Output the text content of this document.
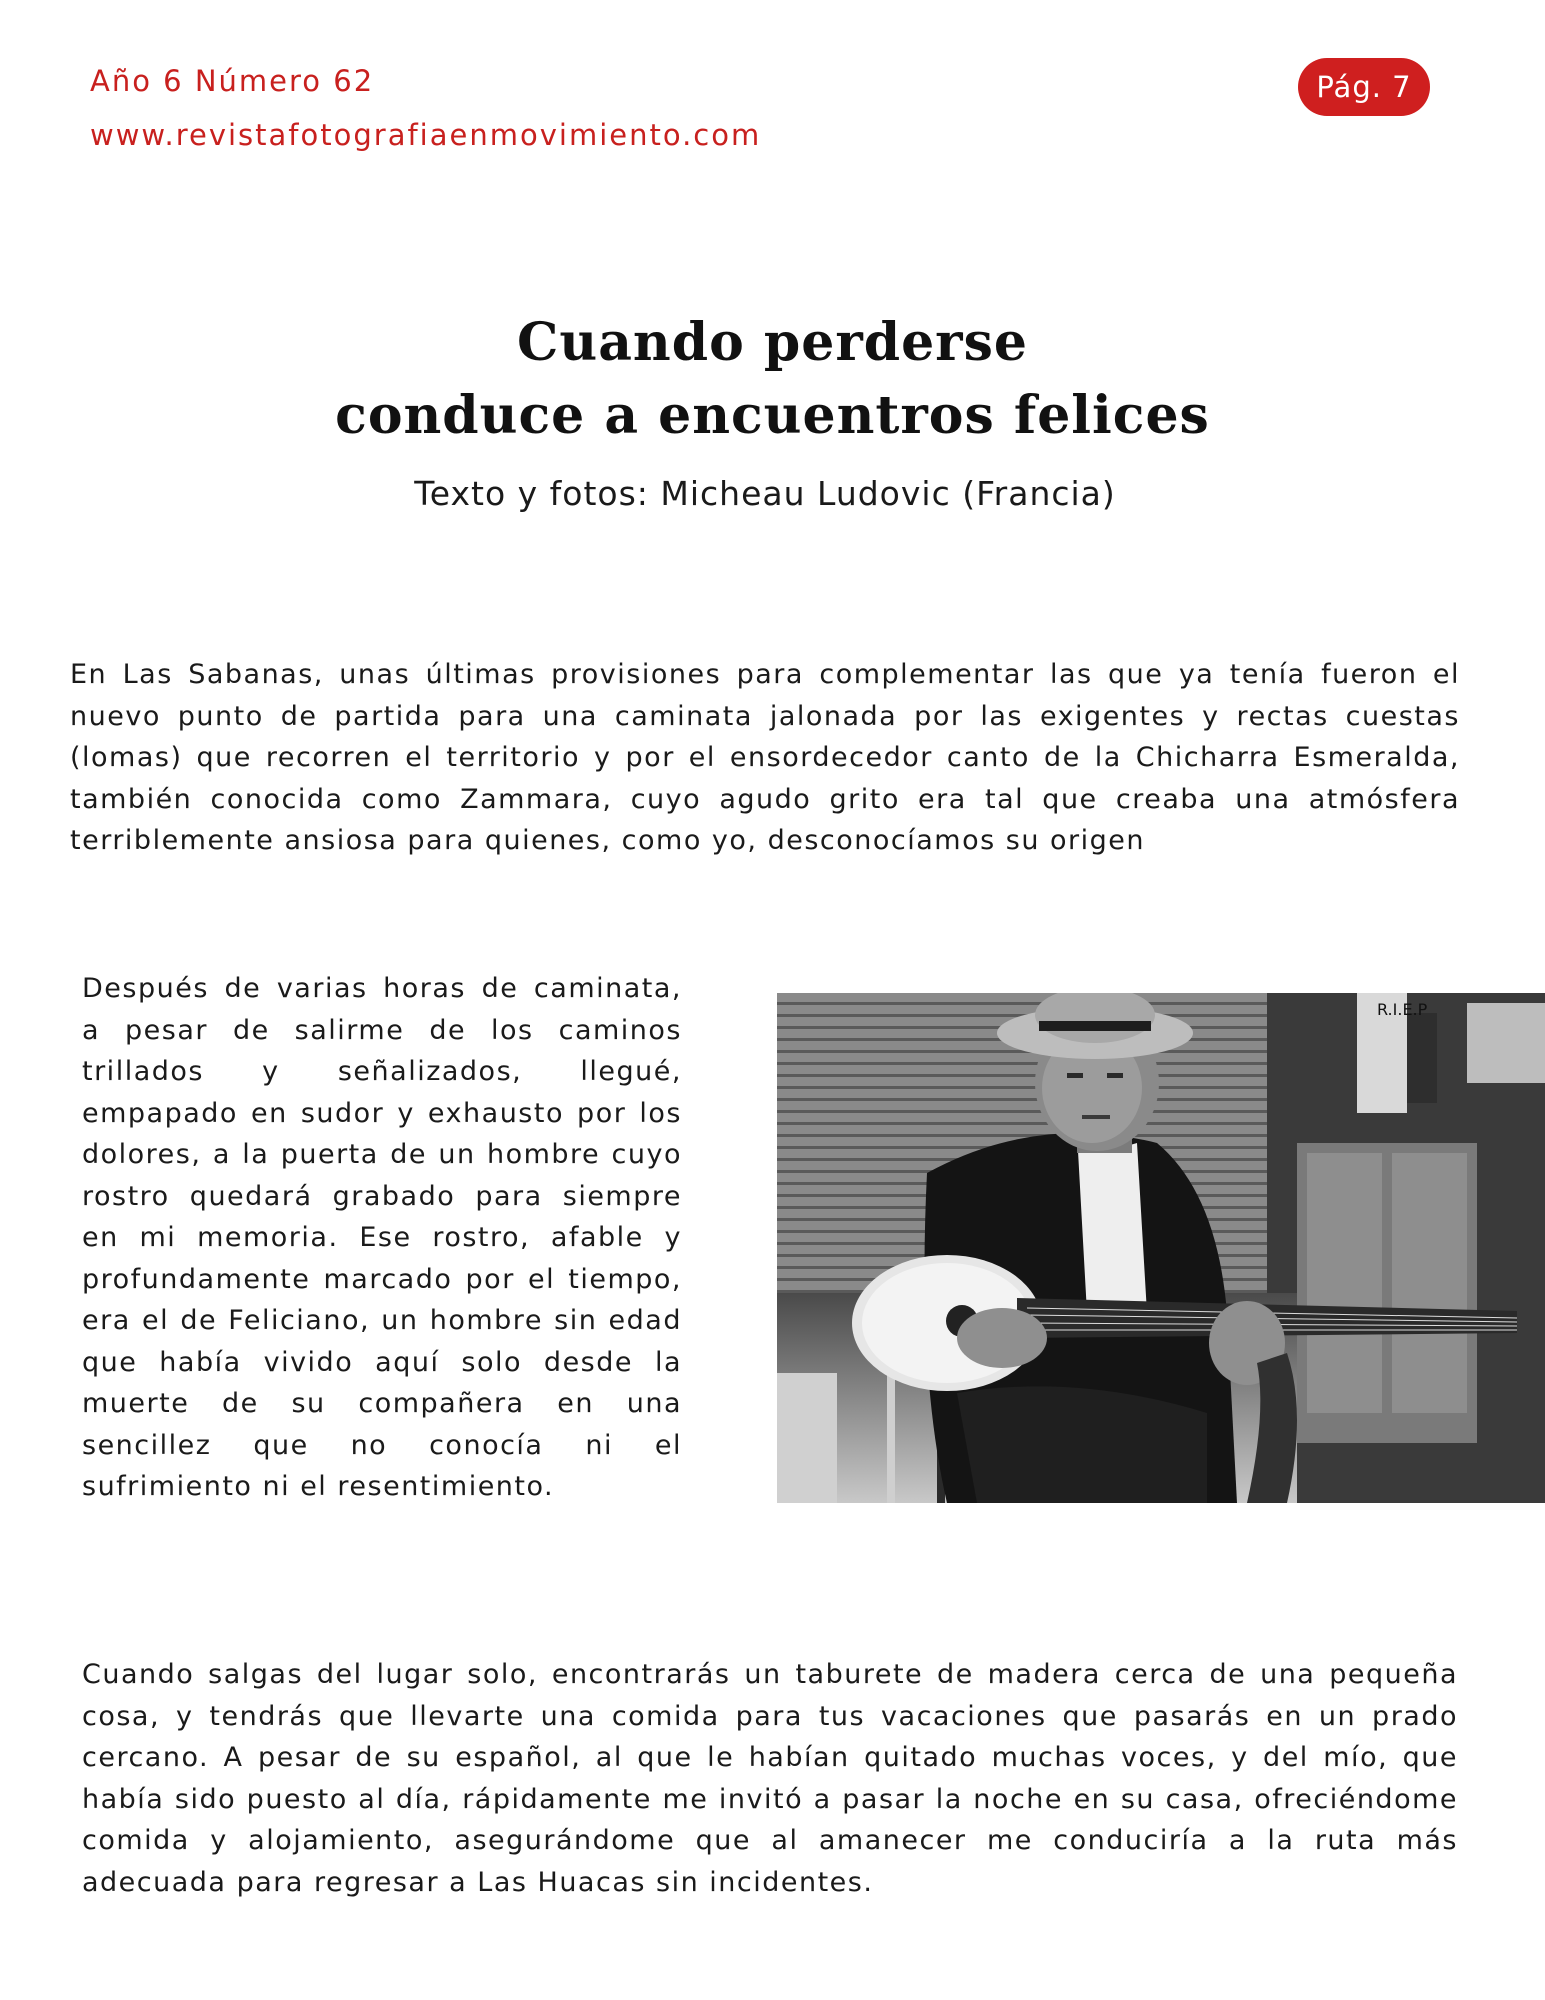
Año 6 Número 62
www.revistafotografiaenmovimiento.com
Pág. 7
Cuando perderse
conduce a encuentros felices
Texto y fotos: Micheau Ludovic (Francia)

En Las Sabanas, unas últimas provisiones para complementar las que ya tenía fueron el nuevo punto de partida para una caminata jalonada por las exigentes y rectas cuestas (lomas) que recorren el territorio y por el ensordecedor canto de la Chicharra Esmeralda, también conocida como Zammara, cuyo agudo grito era tal que creaba una atmósfera terriblemente ansiosa para quienes, como yo, desconocíamos su origen

Después de varias horas de caminata, a pesar de salirme de los caminos trillados y señalizados, llegué, empapado en sudor y exhausto por los dolores, a la puerta de un hombre cuyo rostro quedará grabado para siempre en mi memoria. Ese rostro, afable y profundamente marcado por el tiempo, era el de Feliciano, un hombre sin edad que había vivido aquí solo desde la muerte de su compañera en una sencillez que no conocía ni el sufrimiento ni el resentimiento.

R.I.E.P

Cuando salgas del lugar solo, encontrarás un taburete de madera cerca de una pequeña cosa, y tendrás que llevarte una comida para tus vacaciones que pasarás en un prado cercano. A pesar de su español, al que le habían quitado muchas voces, y del mío, que había sido puesto al día, rápidamente me invitó a pasar la noche en su casa, ofreciéndome comida y alojamiento, asegurándome que al amanecer me conduciría a la ruta más adecuada para regresar a Las Huacas sin incidentes.
